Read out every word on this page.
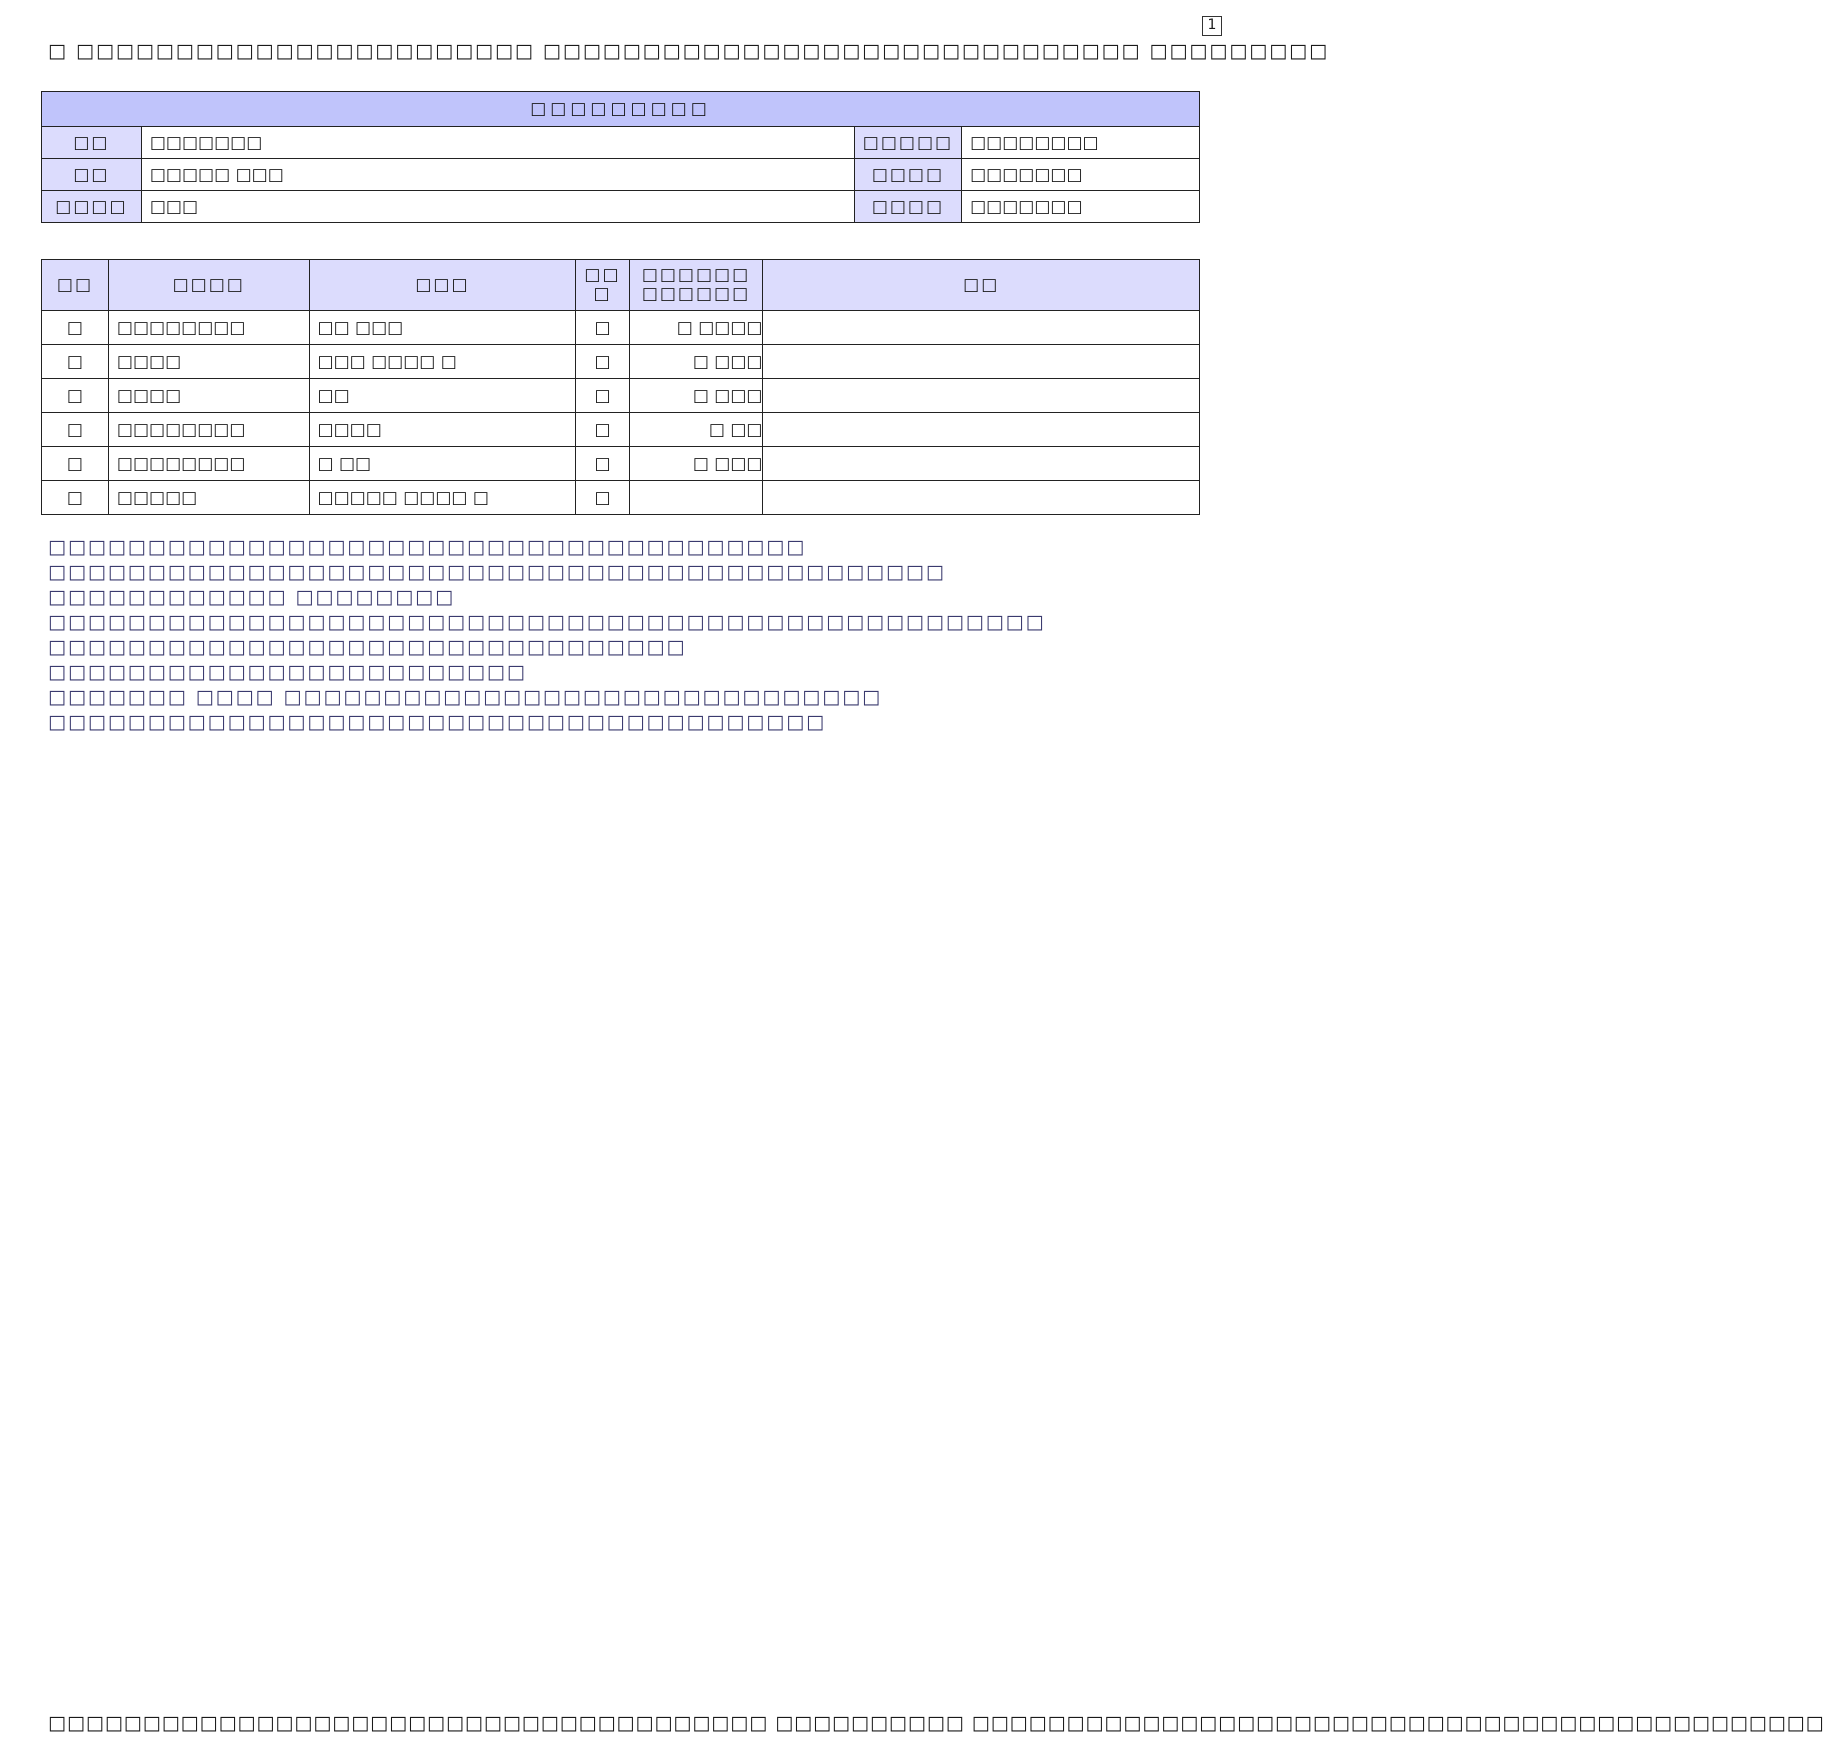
1
□ □□□□□□□□□□□□□□□□□□□□□□□ □□□□□□□□□□□□□□□□□□□□□□□□□□□□□□ □□□□□□□□□
□□□□□□□□□			
□□	□□□□□□□	□□□□□	□□□□□□□□
□□	□□□□□ □□□	□□□□	□□□□□□□
□□□□	□□□	□□□□	□□□□□□□
□□	□□□□	□□□	□□ □	□□□□□□ □□□□□□	□□
□	□□□□□□□□	□□ □□□	□	□ □□□□	
□	□□□□	□□□ □□□□ □	□	□ □□□	
□	□□□□	□□	□	□ □□□	
□	□□□□□□□□	□□□□	□	□ □□	
□	□□□□□□□□	□ □□	□	□ □□□	
□	□□□□□	□□□□□ □□□□ □	□		
□□□□□□□□□□□□□□□□□□□□□□□□□□□□□□□□□□□□□□
□□□□□□□□□□□□□□□□□□□□□□□□□□□□□□□□□□□□□□□□□□□□□
□□□□□□□□□□□□ □□□□□□□□
□□□□□□□□□□□□□□□□□□□□□□□□□□□□□□□□□□□□□□□□□□□□□□□□□□
□□□□□□□□□□□□□□□□□□□□□□□□□□□□□□□□
□□□□□□□□□□□□□□□□□□□□□□□□
□□□□□□□ □□□□ □□□□□□□□□□□□□□□□□□□□□□□□□□□□□□
□□□□□□□□□□□□□□□□□□□□□□□□□□□□□□□□□□□□□□□
□□□□□□□□□□□□□□□□□□□□□□□□□□□□□□□□□□□□□□ □□□□□□□□□□ □□□□□□□□□□□□□□□□□□□□□□□□□□□□□□□□□□□□□□□□□□□□□
